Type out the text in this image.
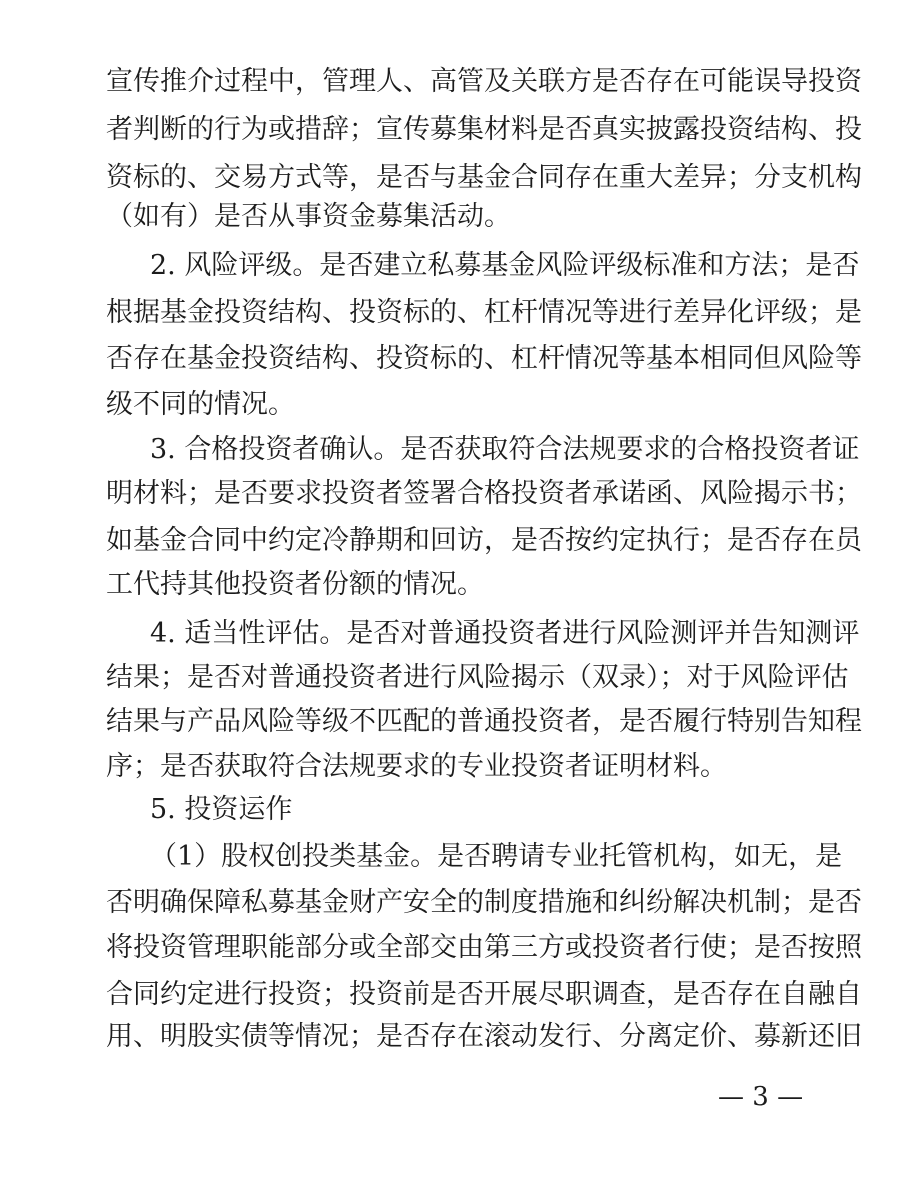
宣传推介过程中，管理人、高管及关联方是否存在可能误导投资
者判断的行为或措辞；宣传募集材料是否真实披露投资结构、投
资标的、交易方式等，是否与基金合同存在重大差异；分支机构
（如有）是否从事资金募集活动。
2. 风险评级。是否建立私募基金风险评级标准和方法；是否
根据基金投资结构、投资标的、杠杆情况等进行差异化评级；是
否存在基金投资结构、投资标的、杠杆情况等基本相同但风险等
级不同的情况。
3. 合格投资者确认。是否获取符合法规要求的合格投资者证
明材料；是否要求投资者签署合格投资者承诺函、风险揭示书；
如基金合同中约定冷静期和回访，是否按约定执行；是否存在员
工代持其他投资者份额的情况。
4. 适当性评估。是否对普通投资者进行风险测评并告知测评
结果；是否对普通投资者进行风险揭示（双录）；对于风险评估
结果与产品风险等级不匹配的普通投资者，是否履行特别告知程
序；是否获取符合法规要求的专业投资者证明材料。
5. 投资运作
（1）股权创投类基金。是否聘请专业托管机构，如无，是
否明确保障私募基金财产安全的制度措施和纠纷解决机制；是否
将投资管理职能部分或全部交由第三方或投资者行使；是否按照
合同约定进行投资；投资前是否开展尽职调查，是否存在自融自
用、明股实债等情况；是否存在滚动发行、分离定价、募新还旧
— 3 —
